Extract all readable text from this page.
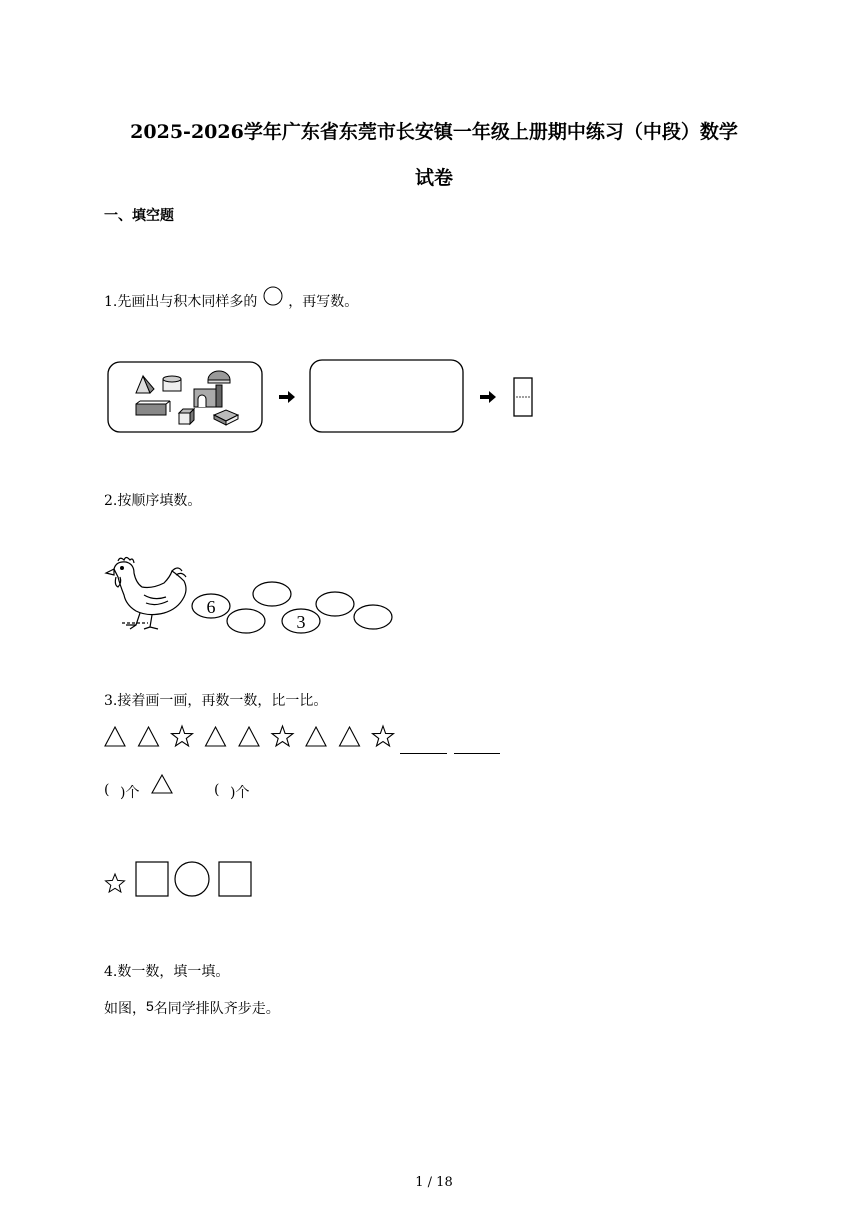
2025-2026学年广东省东莞市长安镇一年级上册期中练习（中段）数学
试卷
一、填空题
1.先画出与积木同样多的 ，再写数。
2.按顺序填数。
6
3
3.接着画一画，再数一数，比一比。
( )个	( )个
4.数一数，填一填。
如图，5名同学排队齐步走。
1 / 18
